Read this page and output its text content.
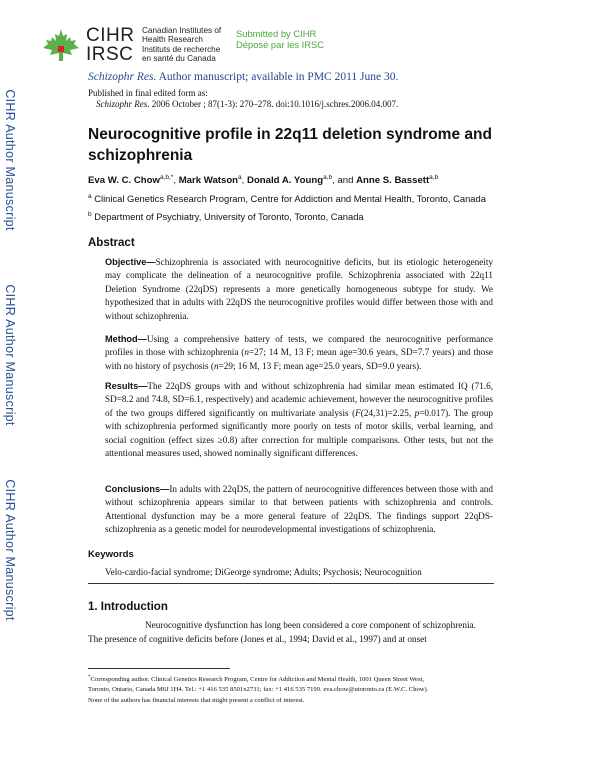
CIHR
IRSC
Canadian Institutes of
Health Research
Instituts de recherche
en santé du Canada
Submitted by CIHR
Déposé par les IRSC
Schizophr Res. Author manuscript; available in PMC 2011 June 30.
Published in final edited form as:
Schizophr Res. 2006 October ; 87(1-3): 270–278. doi:10.1016/j.schres.2006.04.007.
CIHR Author Manuscript
CIHR Author Manuscript
CIHR Author Manuscript
Neurocognitive profile in 22q11 deletion syndrome and schizophrenia
Eva W. C. Chow$^{a,b,*}$, Mark Watson$^a$, Donald A. Young$^{a,b}$, and Anne S. Bassett$^{a,b}$
$^a$ Clinical Genetics Research Program, Centre for Addiction and Mental Health, Toronto, Canada
$^b$ Department of Psychiatry, University of Toronto, Toronto, Canada
Abstract
Objective—Schizophrenia is associated with neurocognitive deficits, but its etiologic heterogeneity may complicate the delineation of a neurocognitive profile. Schizophrenia associated with 22q11 Deletion Syndrome (22qDS) represents a more genetically homogeneous subtype for study. We hypothesized that in adults with 22qDS the neurocognitive profiles would differ between those with and without schizophrenia.
Method—Using a comprehensive battery of tests, we compared the neurocognitive performance profiles in those with schizophrenia (n=27; 14 M, 13 F; mean age=30.6 years, SD=7.7 years) and those with no history of psychosis (n=29; 16 M, 13 F; mean age=25.0 years, SD=9.0 years).
Results—The 22qDS groups with and without schizophrenia had similar mean estimated IQ (71.6, SD=8.2 and 74.8, SD=6.1, respectively) and academic achievement, however the neurocognitive profiles of the two groups differed significantly on multivariate analysis (F(24,31)=2.25, p=0.017). The group with schizophrenia performed significantly more poorly on tests of motor skills, verbal learning, and social cognition (effect sizes ≥0.8) after correction for multiple comparisons. Other tests, but not the attentional measures used, showed nominally significant differences.
Conclusions—In adults with 22qDS, the pattern of neurocognitive differences between those with and without schizophrenia appears similar to that between patients with schizophrenia and controls. Attentional dysfunction may be a more general feature of 22qDS. The findings support 22qDS-schizophrenia as a genetic model for neurodevelopmental investigations of schizophrenia.
Keywords
Velo-cardio-facial syndrome; DiGeorge syndrome; Adults; Psychosis; Neurocognition
1. Introduction
Neurocognitive dysfunction has long been considered a core component of schizophrenia.
The presence of cognitive deficits before (Jones et al., 1994; David et al., 1997) and at onset
*Corresponding author. Clinical Genetics Research Program, Centre for Addiction and Mental Health, 1001 Queen Street West,
Toronto, Ontario, Canada M6J 1H4. Tel.: +1 416 535 8501x2731; fax: +1 416 535 7199. eva.chow@utoronto.ca (E.W.C. Chow).
None of the authors has financial interests that might present a conflict of interest.
